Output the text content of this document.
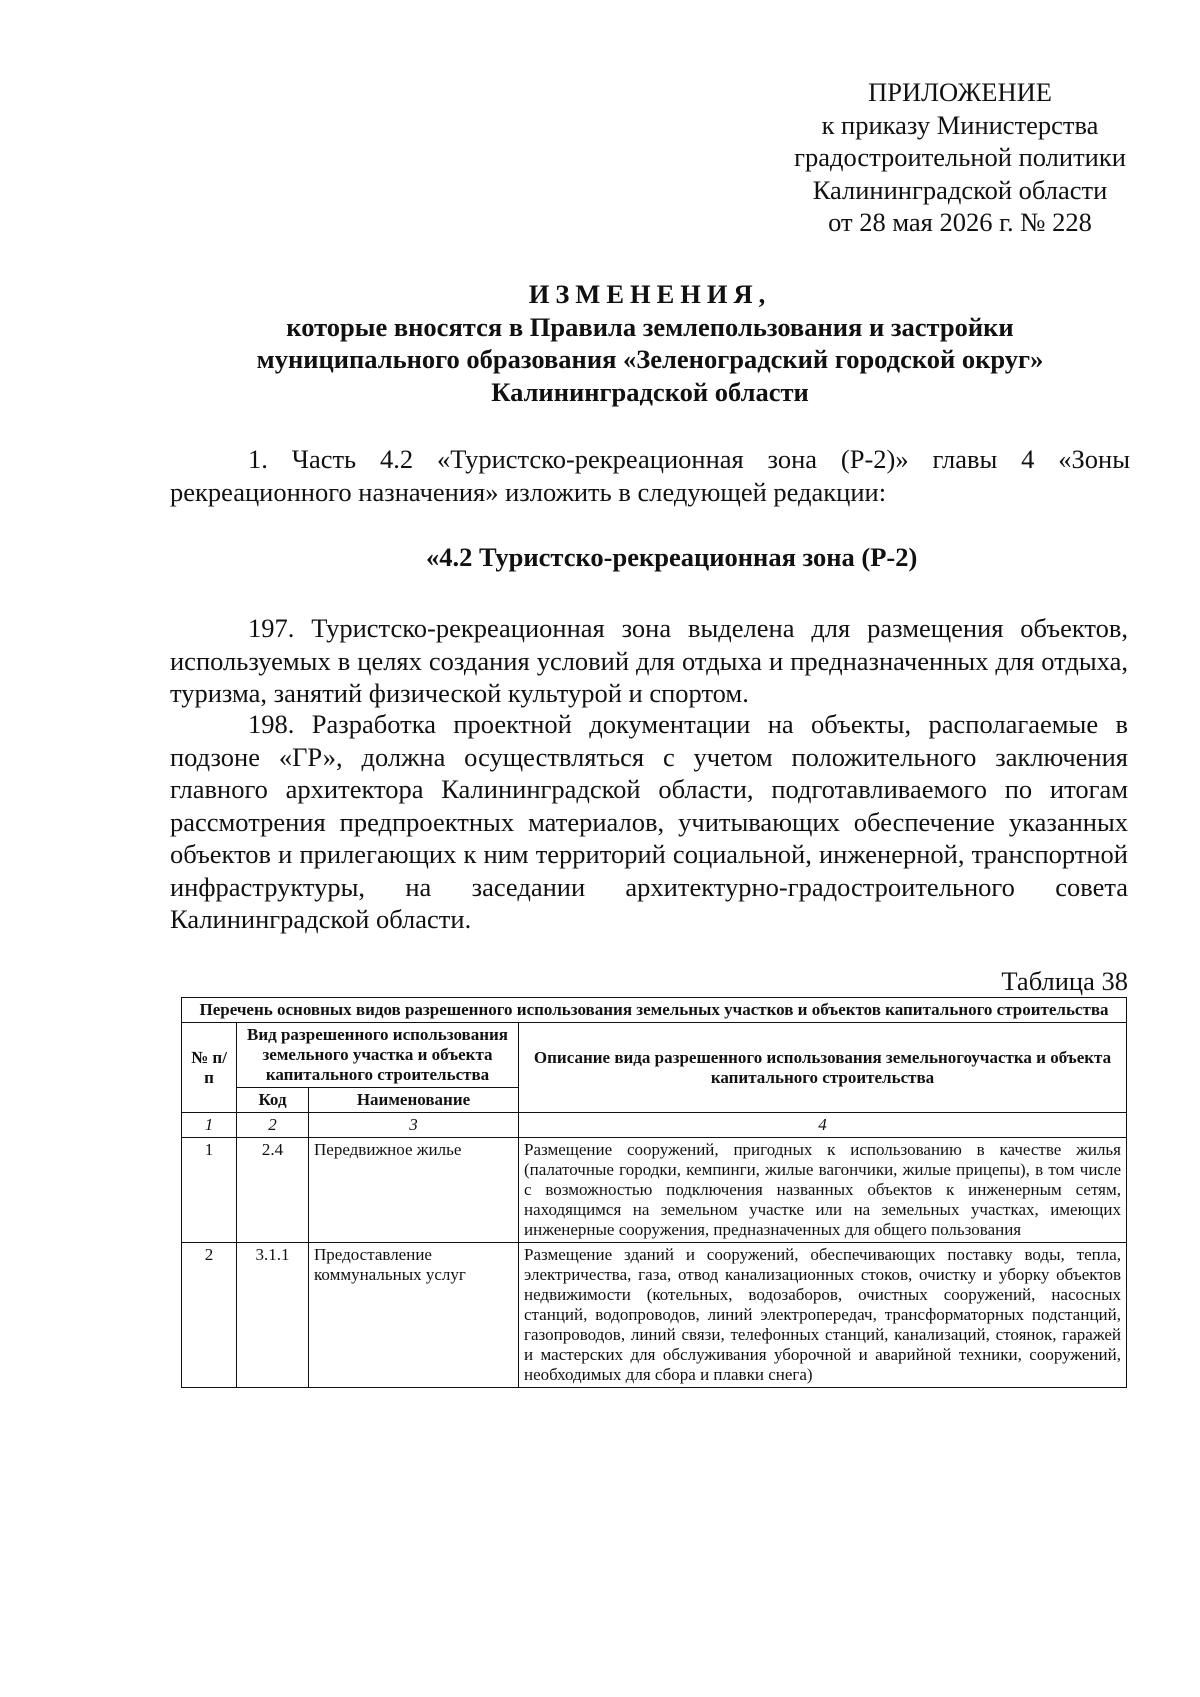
ПРИЛОЖЕНИЕ
к приказу Министерства
градостроительной политики
Калининградской области
от 28 мая 2026 г. № 228
ИЗМЕНЕНИЯ,
которые вносятся в Правила землепользования и застройки
муниципального образования «Зеленоградский городской округ»
Калининградской области
1. Часть 4.2 «Туристско-рекреационная зона (Р-2)» главы 4 «Зоны рекреационного назначения» изложить в следующей редакции:
«4.2 Туристско-рекреационная зона (Р-2)
197. Туристско-рекреационная зона выделена для размещения объектов, используемых в целях создания условий для отдыха и предназначенных для отдыха, туризма, занятий физической культурой и спортом.
198. Разработка проектной документации на объекты, располагаемые в подзоне «ГР», должна осуществляться с учетом положительного заключения главного архитектора Калининградской области, подготавливаемого по итогам рассмотрения предпроектных материалов, учитывающих обеспечение указанных объектов и прилегающих к ним территорий социальной, инженерной, транспортной инфраструктуры, на заседании архитектурно-градостроительного совета Калининградской области.
Таблица 38
Перечень основных видов разрешенного использования земельных участков и объектов капитального строительства			
№ п/п	Вид разрешенного использования земельного участка и объекта капитального строительства		Описание вида разрешенного использования земельногоучастка и объекта капитального строительства
	Код	Наименование	
1	2	3	4
1	2.4	Передвижное жилье	Размещение сооружений, пригодных к использованию в качестве жилья (палаточные городки, кемпинги, жилые вагончики, жилые прицепы), в том числе с возможностью подключения названных объектов к инженерным сетям, находящимся на земельном участке или на земельных участках, имеющих инженерные сооружения, предназначенных для общего пользования
2	3.1.1	Предоставление коммунальных услуг	Размещение зданий и сооружений, обеспечивающих поставку воды, тепла, электричества, газа, отвод канализационных стоков, очистку и уборку объектов недвижимости (котельных, водозаборов, очистных сооружений, насосных станций, водопроводов, линий электропередач, трансформаторных подстанций, газопроводов, линий связи, телефонных станций, канализаций, стоянок, гаражей и мастерских для обслуживания уборочной и аварийной техники, сооружений, необходимых для сбора и плавки снега)
